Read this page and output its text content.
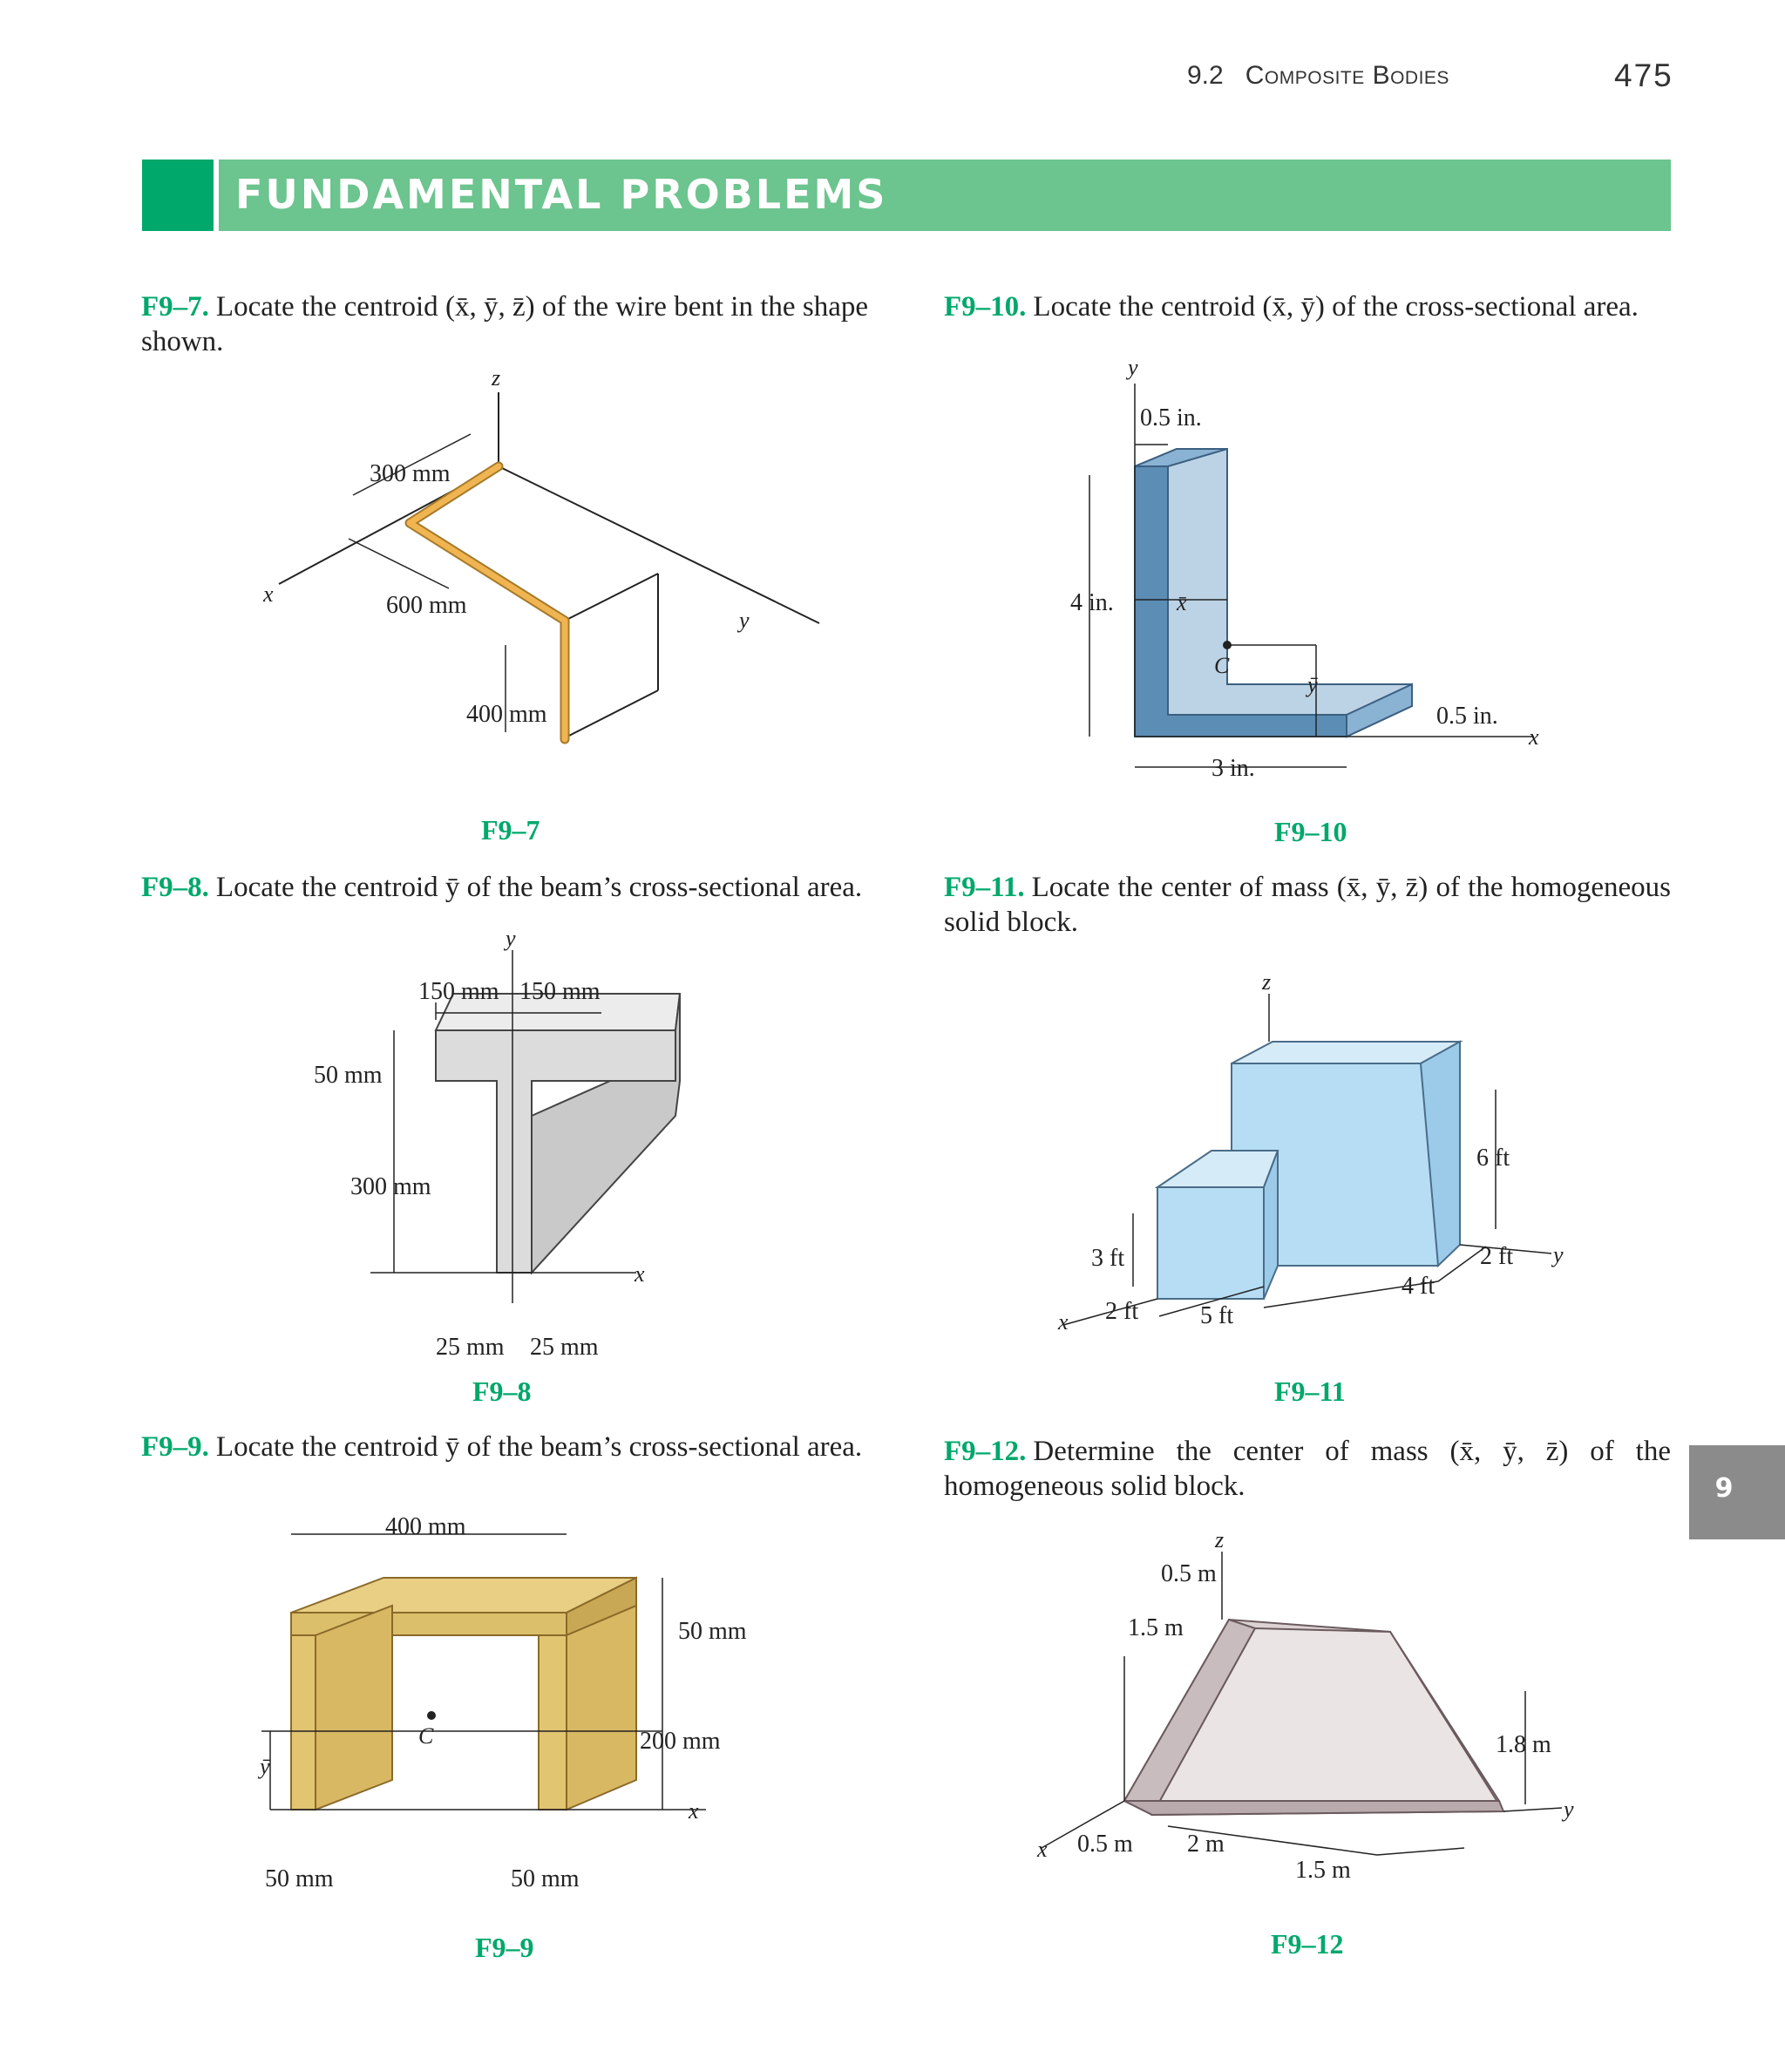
9.2 Composite Bodies	475
FUNDAMENTAL PROBLEMS
F9–7. Locate the centroid (x̄, ȳ, z̄) of the wire bent in the shape shown.
F9–8. Locate the centroid ȳ of the beam’s cross-sectional area.
F9–9. Locate the centroid ȳ of the beam’s cross-sectional area.
F9–10. Locate the centroid (x̄, ȳ) of the cross-sectional area.
F9–11. Locate the center of mass (x̄, ȳ, z̄) of the homogeneous solid block.
F9–12. Determine the center of mass (x̄, ȳ, z̄) of the homogeneous solid block.
F9–7
F9–8
F9–9
F9–10
F9–11
F9–12
9
300 mm
600 mm
400 mm
z
y
x
y
x
150 mm 150 mm
50 mm
300 mm
25 mm 25 mm
C
ȳ
x
400 mm
50 mm
200 mm
50 mm	50 mm
C
x̄
ȳ
y
x
0.5 in.
4 in.
0.5 in.
3 in.
z
y
x
6 ft
2 ft
4 ft
3 ft
2 ft	5 ft
z
y
x
0.5 m
1.5 m
1.8 m
0.5 m 2 m
1.5 m
